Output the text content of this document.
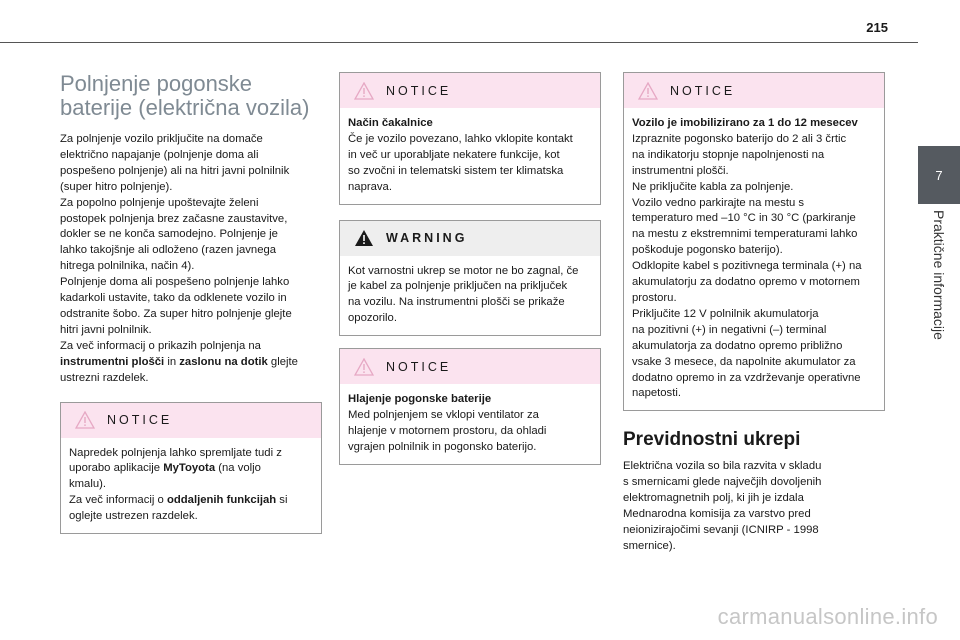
215
7
Praktične informacije
Polnjenje pogonske
baterije (električna vozila)

Za polnjenje vozilo priključite na domače
električno napajanje (polnjenje doma ali
pospešeno polnjenje) ali na hitri javni polnilnik
(super hitro polnjenje).
Za popolno polnjenje upoštevajte želeni
postopek polnjenja brez začasne zaustavitve,
dokler se ne konča samodejno. Polnjenje je
lahko takojšnje ali odloženo (razen javnega
hitrega polnilnika, način 4).
Polnjenje doma ali pospešeno polnjenje lahko
kadarkoli ustavite, tako da odklenete vozilo in
odstranite šobo. Za super hitro polnjenje glejte
hitri javni polnilnik.
Za več informacij o prikazih polnjenja na
instrumentni plošči in zaslonu na dotik glejte
ustrezni razdelek.

NOTICE

Napredek polnjenja lahko spremljate tudi z
uporabo aplikacije MyToyota (na voljo
kmalu).
Za več informacij o oddaljenih funkcijah si
oglejte ustrezen razdelek.

NOTICE

Način čakalnice

Če je vozilo povezano, lahko vklopite kontakt
in več ur uporabljate nekatere funkcije, kot
so zvočni in telematski sistem ter klimatska
naprava.

WARNING

Kot varnostni ukrep se motor ne bo zagnal, če
je kabel za polnjenje priključen na priključek
na vozilu. Na instrumentni plošči se prikaže
opozorilo.

NOTICE

Hlajenje pogonske baterije

Med polnjenjem se vklopi ventilator za
hlajenje v motornem prostoru, da ohladi
vgrajen polnilnik in pogonsko baterijo.

NOTICE

Vozilo je imobilizirano za 1 do 12 mesecev

Izpraznite pogonsko baterijo do 2 ali 3 črtic
na indikatorju stopnje napolnjenosti na
instrumentni plošči.
Ne priključite kabla za polnjenje.
Vozilo vedno parkirajte na mestu s
temperaturo med –10 °C in 30 °C (parkiranje
na mestu z ekstremnimi temperaturami lahko
poškoduje pogonsko baterijo).
Odklopite kabel s pozitivnega terminala (+) na
akumulatorju za dodatno opremo v motornem
prostoru.
Priključite 12 V polnilnik akumulatorja
na pozitivni (+) in negativni (–) terminal
akumulatorja za dodatno opremo približno
vsake 3 mesece, da napolnite akumulator za
dodatno opremo in za vzdrževanje operativne
napetosti.

Previdnostni ukrepi

Električna vozila so bila razvita v skladu
s smernicami glede največjih dovoljenih
elektromagnetnih polj, ki jih je izdala
Mednarodna komisija za varstvo pred
neionizirajočimi sevanji (ICNIRP - 1998
smernice).

carmanualsonline.info
